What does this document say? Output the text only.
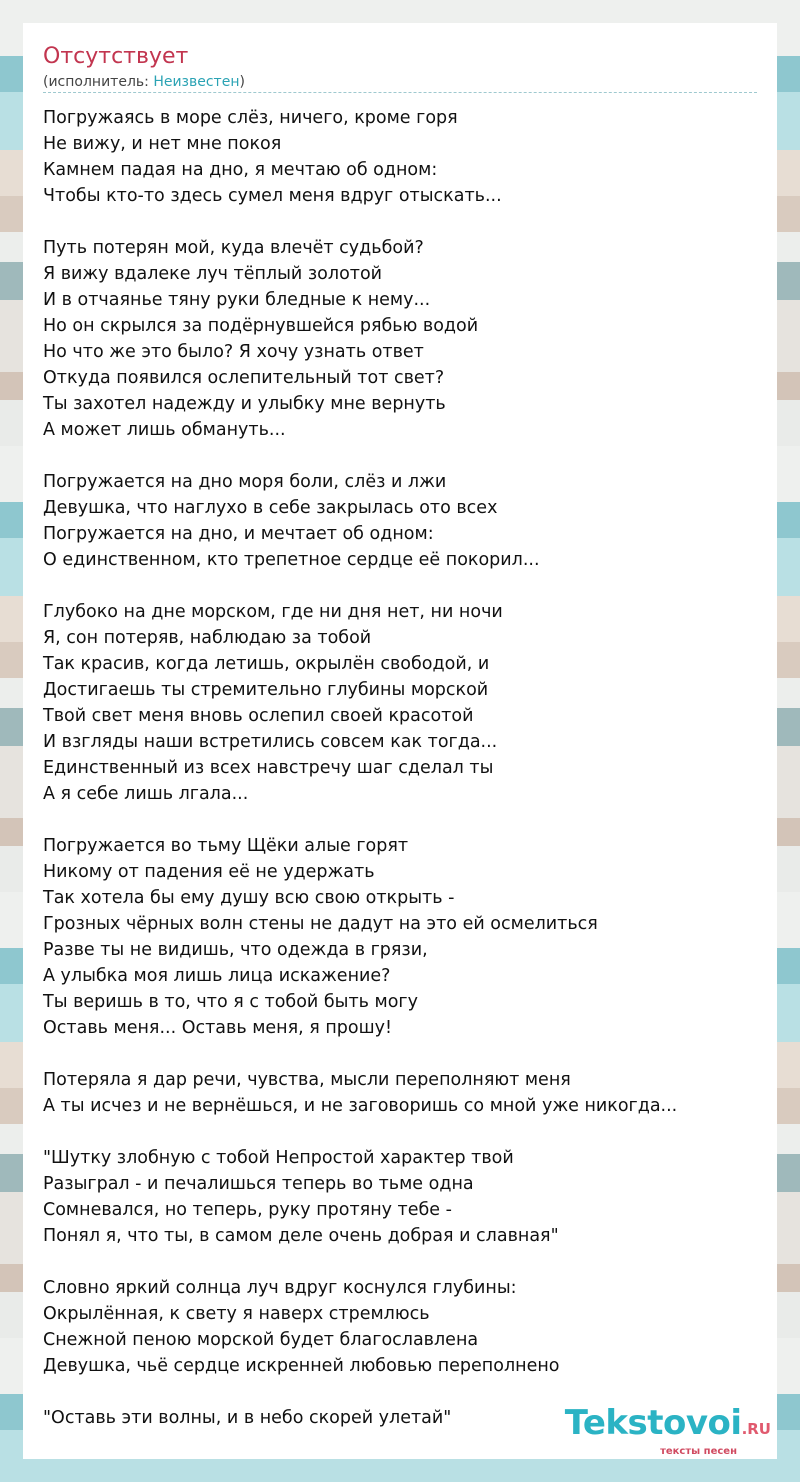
Отсутствует
(исполнитель: Неизвестен)
Погружаясь в море слёз, ничего, кроме горя
Не вижу, и нет мне покоя
Камнем падая на дно, я мечтаю об одном:
Чтобы кто-то здесь сумел меня вдруг отыскать...
Путь потерян мой, куда влечёт судьбой?
Я вижу вдалеке луч тёплый золотой
И в отчаянье тяну руки бледные к нему...
Но он скрылся за подёрнувшейся рябью водой
Но что же это было? Я хочу узнать ответ
Откуда появился ослепительный тот свет?
Ты захотел надежду и улыбку мне вернуть
А может лишь обмануть...
Погружается на дно моря боли, слёз и лжи
Девушка, что наглухо в себе закрылась ото всех
Погружается на дно, и мечтает об одном:
О единственном, кто трепетное сердце её покорил...
Глубоко на дне морском, где ни дня нет, ни ночи
Я, сон потеряв, наблюдаю за тобой
Так красив, когда летишь, окрылён свободой, и
Достигаешь ты стремительно глубины морской
Твой свет меня вновь ослепил своей красотой
И взгляды наши встретились совсем как тогда...
Единственный из всех навстречу шаг сделал ты
А я себе лишь лгала...
Погружается во тьму Щёки алые горят
Никому от падения её не удержать
Так хотела бы ему душу всю свою открыть -
Грозных чёрных волн стены не дадут на это ей осмелиться
Разве ты не видишь, что одежда в грязи,
А улыбка моя лишь лица искажение?
Ты веришь в то, что я с тобой быть могу
Оставь меня... Оставь меня, я прошу!
Потеряла я дар речи, чувства, мысли переполняют меня
А ты исчез и не вернёшься, и не заговоришь со мной уже никогда...
"Шутку злобную с тобой Непростой характер твой
Разыграл - и печалишься теперь во тьме одна
Сомневался, но теперь, руку протяну тебе -
Понял я, что ты, в самом деле очень добрая и славная"
Словно яркий солнца луч вдруг коснулся глубины:
Окрылённая, к свету я наверх стремлюсь
Снежной пеною морской будет благославлена
Девушка, чьё сердце искренней любовью переполнено
"Оставь эти волны, и в небо скорей улетай"	Tekstovoi.RU
тексты песен
